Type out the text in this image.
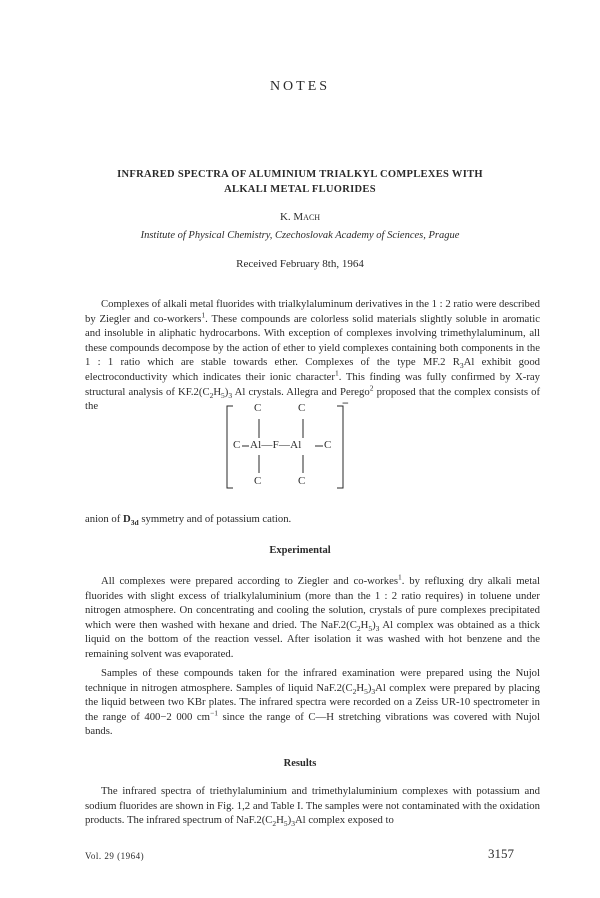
NOTES
INFRARED SPECTRA OF ALUMINIUM TRIALKYL COMPLEXES WITH
ALKALI METAL FLUORIDES
K. Mach
Institute of Physical Chemistry, Czechoslovak Academy of Sciences, Prague
Received February 8th, 1964
Complexes of alkali metal fluorides with trialkylaluminum derivatives in the 1 : 2 ratio were described by Ziegler and co-workers$^1$. These compounds are colorless solid materials slightly soluble in aromatic and insoluble in aliphatic hydrocarbons. With exception of complexes involving trimethylaluminum, all these compounds decompose by the action of ether to yield complexes containing both components in the 1 : 1 ratio which are stable towards ether. Complexes of the type MF.2 $R_3Al$ exhibit good electroconductivity which indicates their ionic character$^1$. This finding was fully confirmed by X-ray structural analysis of $KF.2(C_2H_5)_3$ Al crystals. Allegra and Perego$^2$ proposed that the complex consists of the	C	C
C Al—F—Al C
C	C
−
anion of $D_{3d}$ symmetry and of potassium cation.
Experimental
All complexes were prepared according to Ziegler and co-workes$^1$. by refluxing dry alkali metal fluorides with slight excess of trialkylaluminium (more than the 1 : 2 ratio requires) in toluene under nitrogen atmosphere. On concentrating and cooling the solution, crystals of pure complexes precipitated which were then washed with hexane and dried. The $NaF.2(C_2H_5)_3$ Al complex was obtained as a thick liquid on the bottom of the reaction vessel. After isolation it was washed with hot benzene and the remaining solvent was evaporated.
Samples of these compounds taken for the infrared examination were prepared using the Nujol technique in nitrogen atmosphere. Samples of liquid $NaF.2(C_2H_5)_3Al$ complex were prepared by placing the liquid between two KBr plates. The infrared spectra were recorded on a Zeiss UR-10 spectrometer in the range of 400−2 000 $cm^{-1}$ since the range of C—H stretching vibrations was covered with Nujol bands.
Results
The infrared spectra of triethylaluminium and trimethylaluminium complexes with potassium and sodium fluorides are shown in Fig. 1,2 and Table I. The samples were not contaminated with the oxidation products. The infrared spectrum of $NaF.2(C_2H_5)_3Al$ complex exposed to
Vol. 29 (1964)	3157
